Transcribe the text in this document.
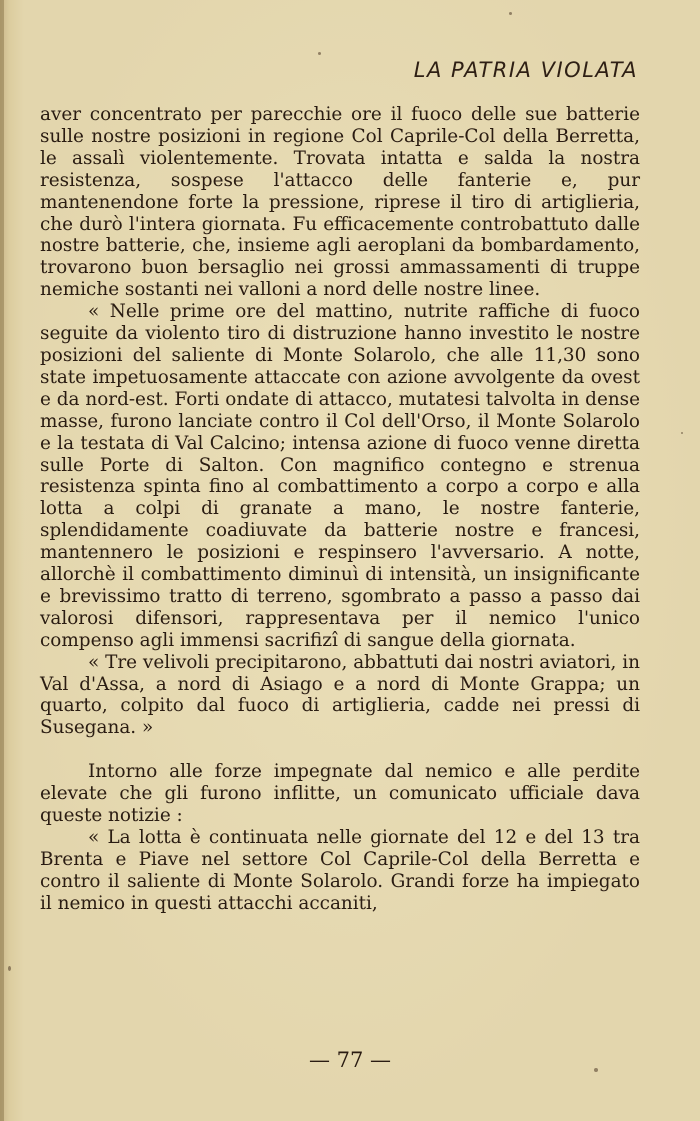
LA PATRIA VIOLATA

aver concentrato per parecchie ore il fuoco delle sue batterie sulle nostre posizioni in regione Col Caprile-Col della Berretta, le assalì violentemente. Trovata intatta e salda la nostra resistenza, sospese l'attacco delle fanterie e, pur mantenendone forte la pressione, riprese il tiro di artiglieria, che durò l'intera giornata. Fu efficacemente controbattuto dalle nostre batterie, che, insieme agli aeroplani da bombardamento, trovarono buon bersaglio nei grossi ammassamenti di truppe nemiche sostanti nei valloni a nord delle nostre linee.

« Nelle prime ore del mattino, nutrite raffiche di fuoco seguite da violento tiro di distruzione hanno investito le nostre posizioni del saliente di Monte Solarolo, che alle 11,30 sono state impetuosamente attaccate con azione avvolgente da ovest e da nord-est. Forti ondate di attacco, mutatesi talvolta in dense masse, furono lanciate contro il Col dell'Orso, il Monte Solarolo e la testata di Val Calcino; intensa azione di fuoco venne diretta sulle Porte di Salton. Con magnifico contegno e strenua resistenza spinta fino al combattimento a corpo a corpo e alla lotta a colpi di granate a mano, le nostre fanterie, splendidamente coadiuvate da batterie nostre e francesi, mantennero le posizioni e respinsero l'avversario. A notte, allorchè il combattimento diminuì di intensità, un insignificante e brevissimo tratto di terreno, sgombrato a passo a passo dai valorosi difensori, rappresentava per il nemico l'unico compenso agli immensi sacrifizî di sangue della giornata.

« Tre velivoli precipitarono, abbattuti dai nostri aviatori, in Val d'Assa, a nord di Asiago e a nord di Monte Grappa; un quarto, colpito dal fuoco di artiglieria, cadde nei pressi di Susegana. »

Intorno alle forze impegnate dal nemico e alle perdite elevate che gli furono inflitte, un comunicato ufficiale dava queste notizie :

« La lotta è continuata nelle giornate del 12 e del 13 tra Brenta e Piave nel settore Col Caprile-Col della Berretta e contro il saliente di Monte Solarolo. Grandi forze ha impiegato il nemico in questi attacchi accaniti,

— 77 —
